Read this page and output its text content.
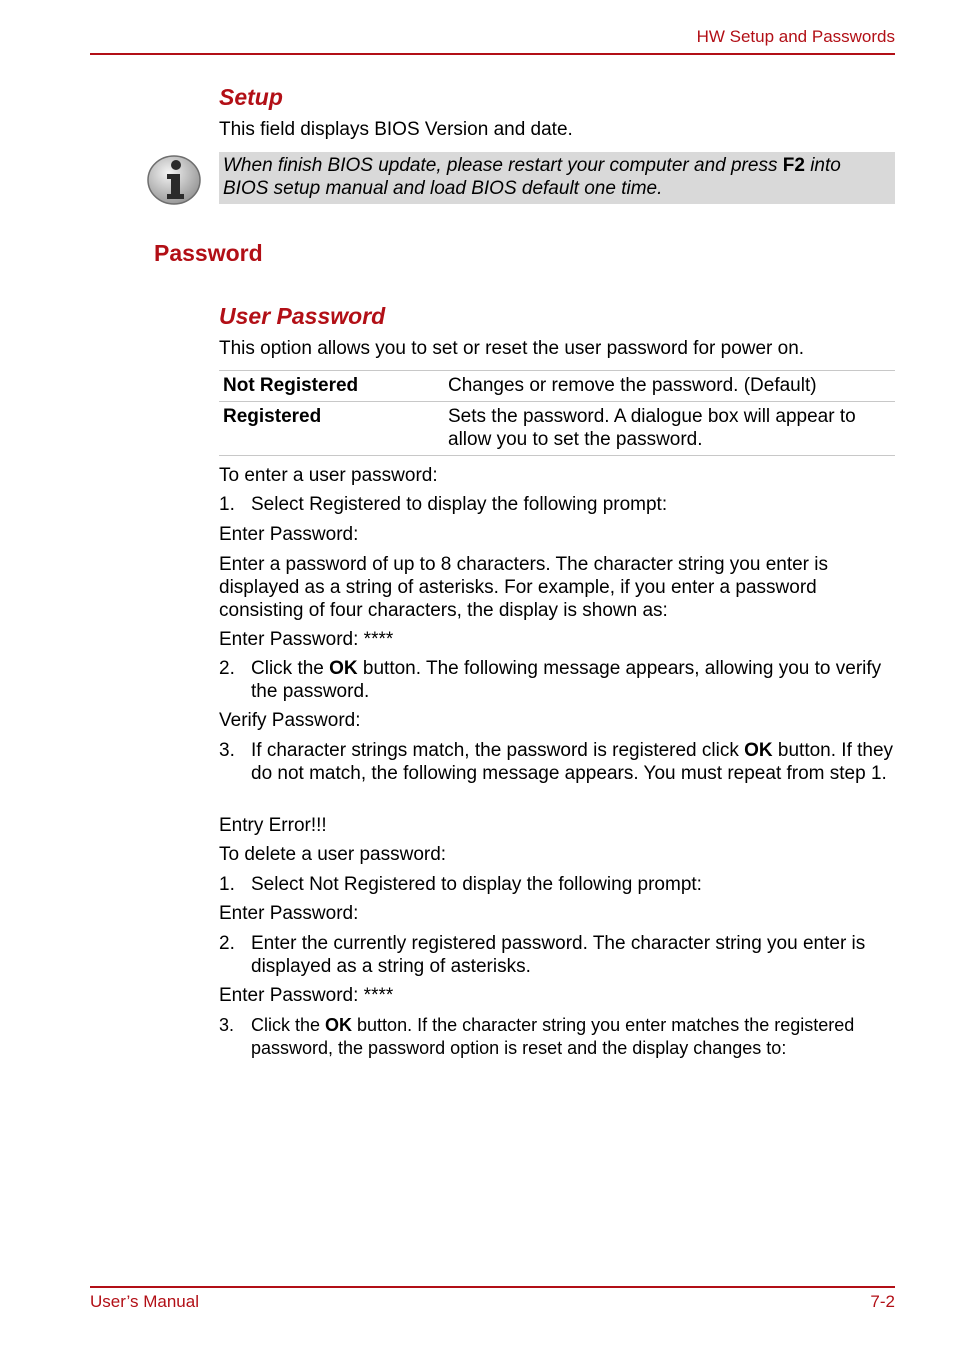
HW Setup and Passwords
Setup
This field displays BIOS Version and date.
When finish BIOS update, please restart your computer and press F2 into BIOS setup manual and load BIOS default one time.
Password
User Password
This option allows you to set or reset the user password for power on.
Not Registered	Changes or remove the password. (Default)
Registered	Sets the password. A dialogue box will appear to allow you to set the password.
To enter a user password:
1. Select Registered to display the following prompt:
Enter Password:
Enter a password of up to 8 characters. The character string you enter is displayed as a string of asterisks. For example, if you enter a password consisting of four characters, the display is shown as:
Enter Password: ****
2. Click the OK button. The following message appears, allowing you to verify the password.
Verify Password:
3. If character strings match, the password is registered click OK button. If they do not match, the following message appears. You must repeat from step 1.
Entry Error!!!
To delete a user password:
1. Select Not Registered to display the following prompt:
Enter Password:
2. Enter the currently registered password. The character string you enter is displayed as a string of asterisks.
Enter Password: ****
3. Click the OK button. If the character string you enter matches the registered password, the password option is reset and the display changes to:
User’s Manual	7-2
